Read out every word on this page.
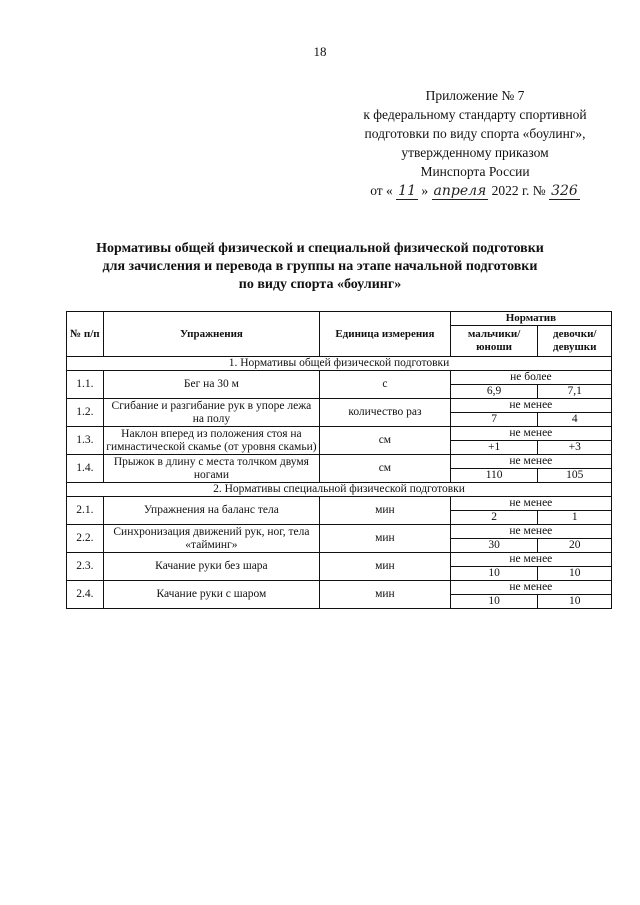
18
Приложение № 7
к федеральному стандарту спортивной
подготовки по виду спорта «боулинг»,
утвержденному приказом
Минспорта России
от « 11 » апреля 2022 г. № 326
Нормативы общей физической и специальной физической подготовки
для зачисления и перевода в группы на этапе начальной подготовки
по виду спорта «боулинг»
№ п/п	Упражнения	Единица измерения	Норматив	
			мальчики/ юноши	девочки/ девушки
1. Нормативы общей физической подготовки				
1.1.	Бег на 30 м	с	не более	
			6,9	7,1
1.2.	Сгибание и разгибание рук в упоре лежа на полу	количество раз	не менее	
			7	4
1.3.	Наклон вперед из положения стоя на гимнастической скамье (от уровня скамьи)	см	не менее	
			+1	+3
1.4.	Прыжок в длину с места толчком двумя ногами	см	не менее	
			110	105
2. Нормативы специальной физической подготовки				
2.1.	Упражнения на баланс тела	мин	не менее	
			2	1
2.2.	Синхронизация движений рук, ног, тела «тайминг»	мин	не менее	
			30	20
2.3.	Качание руки без шара	мин	не менее	
			10	10
2.4.	Качание руки с шаром	мин	не менее	
			10	10
